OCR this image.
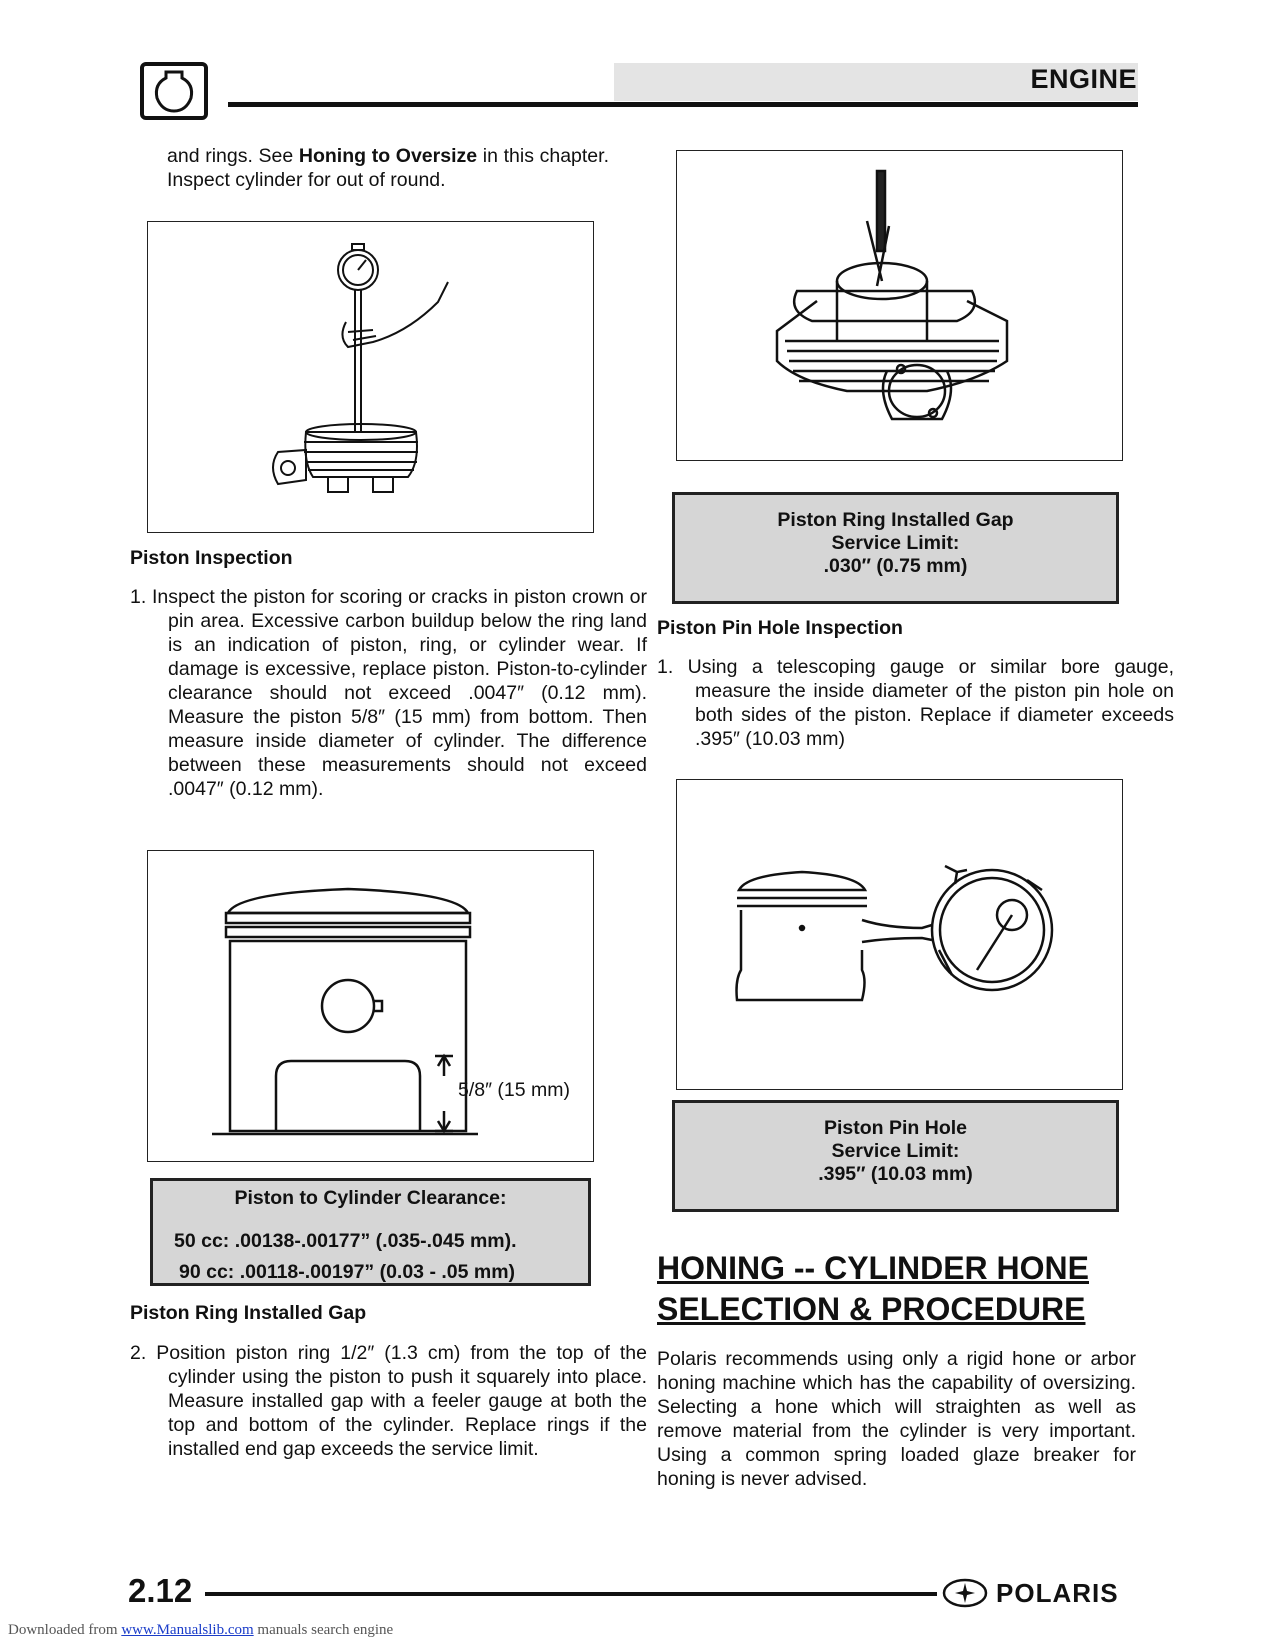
ENGINE
and rings. See Honing to Oversize in this chapter. Inspect cylinder for out of round.
Piston Inspection
1. Inspect the piston for scoring or cracks in piston crown or pin area. Excessive carbon buildup below the ring land is an indication of piston, ring, or cylinder wear. If damage is excessive, replace piston. Piston-to-cylinder clearance should not exceed .0047″ (0.12 mm). Measure the piston 5/8″ (15 mm) from bottom. Then measure inside diameter of cylinder. The difference between these measurements should not exceed .0047″ (0.12 mm).
5/8″ (15 mm)
Piston to Cylinder Clearance:
50 cc: .00138-.00177” (.035-.045 mm).
90 cc: .00118-.00197” (0.03 - .05 mm)
Piston Ring Installed Gap
2. Position piston ring 1/2″ (1.3 cm) from the top of the cylinder using the piston to push it squarely into place. Measure installed gap with a feeler gauge at both the top and bottom of the cylinder. Replace rings if the installed end gap exceeds the service limit.
Piston Ring Installed Gap
Service Limit:
.030″ (0.75 mm)
Piston Pin Hole Inspection
1. Using a telescoping gauge or similar bore gauge, measure the inside diameter of the piston pin hole on both sides of the piston. Replace if diameter exceeds .395″ (10.03 mm)
Piston Pin Hole
Service Limit:
.395″ (10.03 mm)
HONING -- CYLINDER HONE
SELECTION & PROCEDURE
Polaris recommends using only a rigid hone or arbor honing machine which has the capability of oversizing. Selecting a hone which will straighten as well as remove material from the cylinder is very important. Using a common spring loaded glaze breaker for honing is never advised.
2.12	POLARIS
Downloaded from www.Manualslib.com manuals search engine
